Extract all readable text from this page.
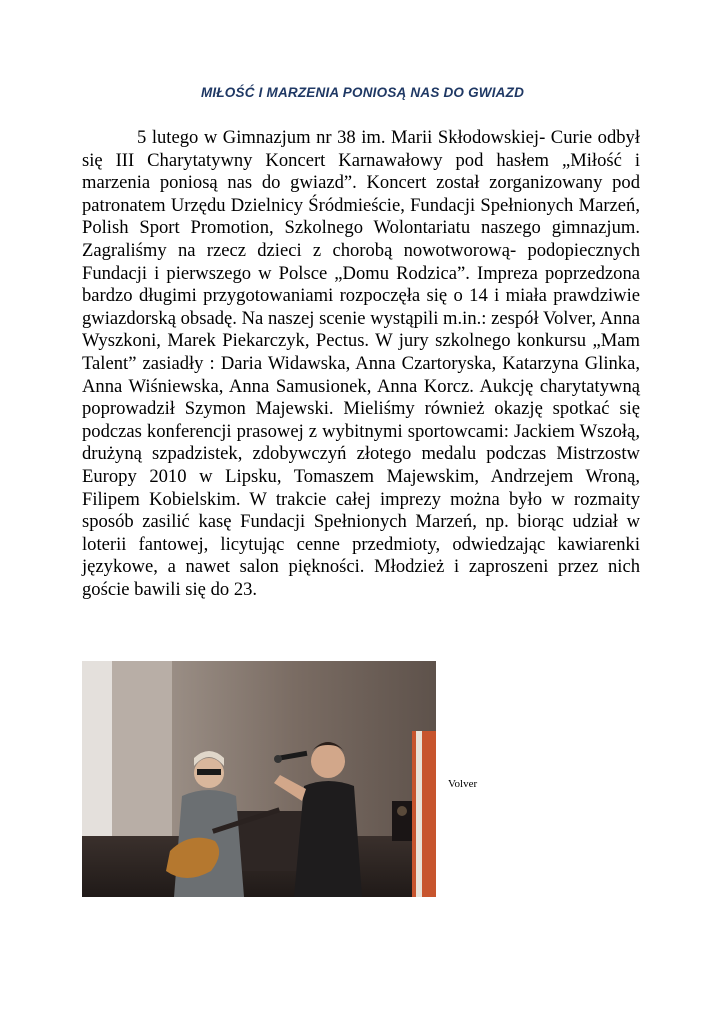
MIŁOŚĆ I MARZENIA PONIOSĄ NAS DO GWIAZD

5 lutego w Gimnazjum nr 38 im. Marii Skłodowskiej- Curie odbył się III Charytatywny Koncert Karnawałowy pod hasłem „Miłość i marzenia poniosą nas do gwiazd”. Koncert został zorganizowany pod patronatem Urzędu Dzielnicy Śródmieście, Fundacji Spełnionych Marzeń, Polish Sport Promotion, Szkolnego Wolontariatu naszego gimnazjum. Zagraliśmy na rzecz dzieci z chorobą nowotworową- podopiecznych Fundacji i pierwszego w Polsce „Domu Rodzica”. Impreza poprzedzona bardzo długimi przygotowaniami rozpoczęła się o 14 i miała prawdziwie gwiazdorską obsadę. Na naszej scenie wystąpili m.in.: zespół Volver, Anna Wyszkoni, Marek Piekarczyk, Pectus. W jury szkolnego konkursu „Mam Talent” zasiadły : Daria Widawska, Anna Czartoryska, Katarzyna Glinka, Anna Wiśniewska, Anna Samusionek, Anna Korcz. Aukcję charytatywną poprowadził Szymon Majewski. Mieliśmy również okazję spotkać się podczas konferencji prasowej z wybitnymi sportowcami: Jackiem Wszołą, drużyną szpadzistek, zdobywczyń złotego medalu podczas Mistrzostw Europy 2010 w Lipsku, Tomaszem Majewskim, Andrzejem Wroną, Filipem Kobielskim. W trakcie całej imprezy można było w rozmaity sposób zasilić kasę Fundacji Spełnionych Marzeń, np. biorąc udział w loterii fantowej, licytując cenne przedmioty, odwiedzając kawiarenki językowe, a nawet salon piękności. Młodzież i zaproszeni przez nich goście bawili się do 23.

Volver
